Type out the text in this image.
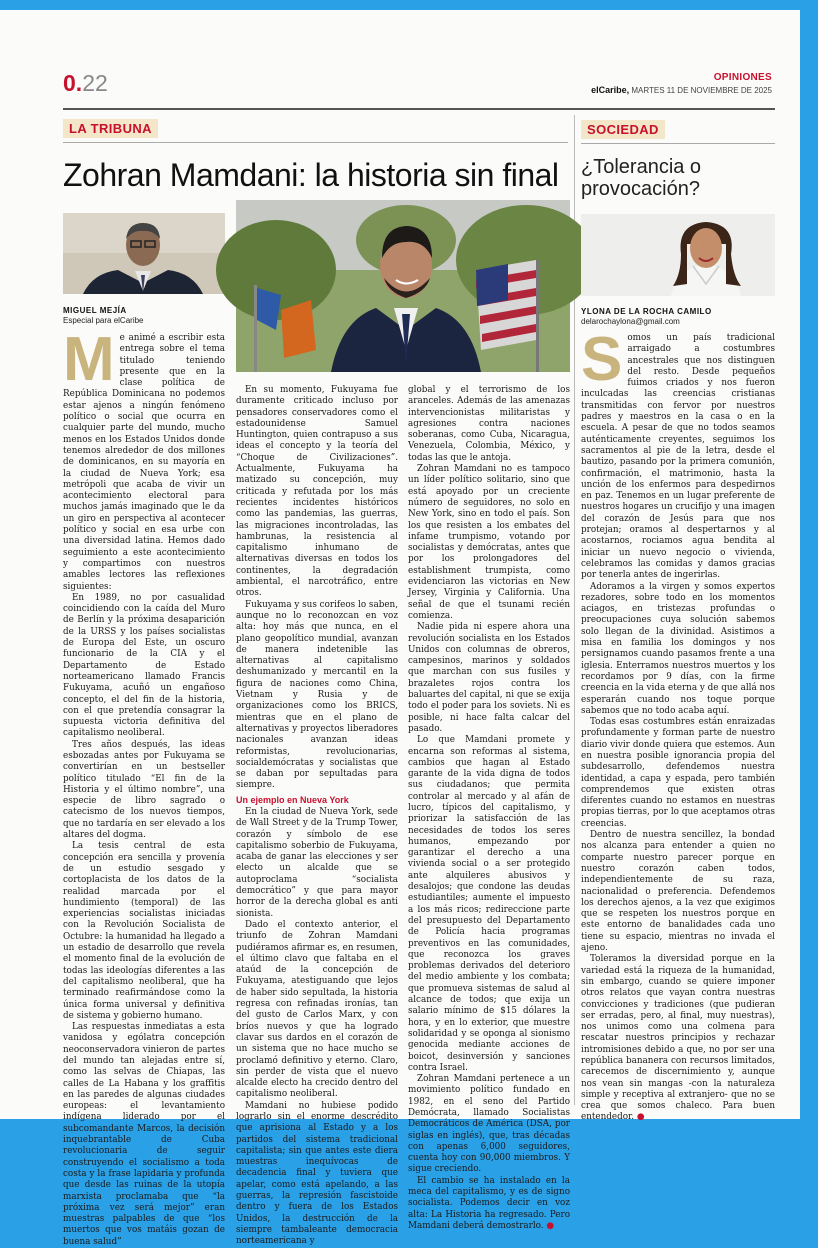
0.22	OPINIONES
elCaribe, MARTES 11 DE NOVIEMBRE DE 2025
LA TRIBUNA
Zohran Mamdani: la historia sin final
SOCIEDAD
¿Tolerancia o provocación?
MIGUEL MEJÍA
Especial para elCaribe
YLONA DE LA ROCHA CAMILO
delarochaylona@gmail.com

Me animé a escribir esta entrega sobre el tema titulado teniendo presente que en la clase política de República Dominicana no podemos estar ajenos a ningún fenómeno político o social que ocurra en cualquier parte del mundo, mucho menos en los Estados Unidos donde tenemos alrededor de dos millones de dominicanos, en su mayoría en la ciudad de Nueva York; esa metrópoli que acaba de vivir un acontecimiento electoral para muchos jamás imaginado que le da un giro en perspectiva al acontecer político y social en esa urbe con una diversidad latina. Hemos dado seguimiento a este acontecimiento y compartimos con nuestros amables lectores las reflexiones siguientes:

En 1989, no por casualidad coincidiendo con la caída del Muro de Berlín y la próxima desaparición de la URSS y los países socialistas de Europa del Este, un oscuro funcionario de la CIA y el Departamento de Estado norteamericano llamado Francis Fukuyama, acuñó un engañoso concepto, el del fin de la historia, con el que pretendía consagrar la supuesta victoria definitiva del capitalismo neoliberal.

Tres años después, las ideas esbozadas antes por Fukuyama se convertirían en un bestseller político titulado “El fin de la Historia y el último nombre”, una especie de libro sagrado o catecismo de los nuevos tiempos, que no tardaría en ser elevado a los altares del dogma.

La tesis central de esta concepción era sencilla y provenía de un estudio sesgado y cortoplacista de los datos de la realidad marcada por el hundimiento (temporal) de las experiencias socialistas iniciadas con la Revolución Socialista de Octubre: la humanidad ha llegado a un estadio de desarrollo que revela el momento final de la evolución de todas las ideologías diferentes a las del capitalismo neoliberal, que ha terminado reafirmándose como la única forma universal y definitiva de sistema y gobierno humano.

Las respuestas inmediatas a esta vanidosa y ególatra concepción neoconservadora vinieron de partes del mundo tan alejadas entre sí, como las selvas de Chiapas, las calles de La Habana y los graffitis en las paredes de algunas ciudades europeas: el levantamiento indígena liderado por el subcomandante Marcos, la decisión inquebrantable de Cuba revolucionaria de seguir construyendo el socialismo a toda costa y la frase lapidaria y profunda que desde las ruinas de la utopía marxista proclamaba que “la próxima vez será mejor” eran muestras palpables de que “los muertos que vos matáis gozan de buena salud”

En su momento, Fukuyama fue duramente criticado incluso por pensadores conservadores como el estadounidense Samuel Huntington, quien contrapuso a sus ideas el concepto y la teoría del “Choque de Civilizaciones”. Actualmente, Fukuyama ha matizado su concepción, muy criticada y refutada por los más recientes incidentes históricos como las pandemias, las guerras, las migraciones incontroladas, las hambrunas, la resistencia al capitalismo inhumano de alternativas diversas en todos los continentes, la degradación ambiental, el narcotráfico, entre otros.

Fukuyama y sus corifeos lo saben, aunque no lo reconozcan en voz alta: hoy más que nunca, en el plano geopolítico mundial, avanzan de manera indetenible las alternativas al capitalismo deshumanizado y mercantil en la figura de naciones como China, Vietnam y Rusia y de organizaciones como los BRICS, mientras que en el plano de alternativas y proyectos liberadores nacionales avanzan ideas reformistas, revolucionarias, socialdemócratas y socialistas que se daban por sepultadas para siempre.

Un ejemplo en Nueva York

En la ciudad de Nueva York, sede de Wall Street y de la Trump Tower, corazón y símbolo de ese capitalismo soberbio de Fukuyama, acaba de ganar las elecciones y ser electo un alcalde que se autoproclama “socialista democrático” y que para mayor horror de la derecha global es anti sionista.

Dado el contexto anterior, el triunfo de Zohran Mamdani pudiéramos afirmar es, en resumen, el último clavo que faltaba en el ataúd de la concepción de Fukuyama, atestiguando que lejos de haber sido sepultada, la historia regresa con refinadas ironías, tan del gusto de Carlos Marx, y con bríos nuevos y que ha logrado clavar sus dardos en el corazón de un sistema que no hace mucho se proclamó definitivo y eterno. Claro, sin perder de vista que el nuevo alcalde electo ha crecido dentro del capitalismo neoliberal.

Mamdani no hubiese podido lograrlo sin el enorme descrédito que aprisiona al Estado y a los partidos del sistema tradicional capitalista; sin que antes este diera muestras inequívocas de decadencia final y tuviera que apelar, como está apelando, a las guerras, la represión fascistoide dentro y fuera de los Estados Unidos, la destrucción de la siempre tambaleante democracia norteamericana y

global y el terrorismo de los aranceles. Además de las amenazas intervencionistas militaristas y agresiones contra naciones soberanas, como Cuba, Nicaragua, Venezuela, Colombia, México, y todas las que le antoja.

Zohran Mamdani no es tampoco un líder político solitario, sino que está apoyado por un creciente número de seguidores, no solo en New York, sino en todo el país. Son los que resisten a los embates del infame trumpismo, votando por socialistas y demócratas, antes que por los prolongadores del establishment trumpista, como evidenciaron las victorias en New Jersey, Virginia y California. Una señal de que el tsunami recién comienza.

Nadie pida ni espere ahora una revolución socialista en los Estados Unidos con columnas de obreros, campesinos, marinos y soldados que marchan con sus fusiles y brazaletes rojos contra los baluartes del capital, ni que se exija todo el poder para los soviets. Ni es posible, ni hace falta calcar del pasado.

Lo que Mamdani promete y encarna son reformas al sistema, cambios que hagan al Estado garante de la vida digna de todos sus ciudadanos; que permita controlar al mercado y al afán de lucro, típicos del capitalismo, y priorizar la satisfacción de las necesidades de todos los seres humanos, empezando por garantizar el derecho a una vivienda social o a ser protegido ante alquileres abusivos y desalojos; que condone las deudas estudiantiles; aumente el impuesto a los más ricos; redireccione parte del presupuesto del Departamento de Policía hacia programas preventivos en las comunidades, que reconozca los graves problemas derivados del deterioro del medio ambiente y los combata; que promueva sistemas de salud al alcance de todos; que exija un salario mínimo de $15 dólares la hora, y en lo exterior, que muestre solidaridad y se oponga al sionismo genocida mediante acciones de boicot, desinversión y sanciones contra Israel.

Zohran Mamdani pertenece a un movimiento político fundado en 1982, en el seno del Partido Demócrata, llamado Socialistas Democráticos de América (DSA, por siglas en inglés), que, tras décadas con apenas 6,000 seguidores, cuenta hoy con 90,000 miembros. Y sigue creciendo.

El cambio se ha instalado en la meca del capitalismo, y es de signo socialista. Podemos decir en voz alta: La Historia ha regresado. Pero Mamdani deberá demostrarlo. ●

Somos un país tradicional arraigado a costumbres ancestrales que nos distinguen del resto. Desde pequeños fuimos criados y nos fueron inculcadas las creencias cristianas transmitidas con fervor por nuestros padres y maestros en la casa o en la escuela. A pesar de que no todos seamos auténticamente creyentes, seguimos los sacramentos al pie de la letra, desde el bautizo, pasando por la primera comunión, confirmación, el matrimonio, hasta la unción de los enfermos para despedirnos en paz. Tenemos en un lugar preferente de nuestros hogares un crucifijo y una imagen del corazón de Jesús para que nos protejan; oramos al despertarnos y al acostarnos, rociamos agua bendita al iniciar un nuevo negocio o vivienda, celebramos las comidas y damos gracias por tenerla antes de ingerirlas.

Adoramos a la virgen y somos expertos rezadores, sobre todo en los momentos aciagos, en tristezas profundas o preocupaciones cuya solución sabemos solo llegan de la divinidad. Asistimos a misa en familia los domingos y nos persignamos cuando pasamos frente a una iglesia. Enterramos nuestros muertos y los recordamos por 9 días, con la firme creencia en la vida eterna y de que allá nos esperarán cuando nos toque porque sabemos que no todo acaba aquí.

Todas esas costumbres están enraizadas profundamente y forman parte de nuestro diario vivir donde quiera que estemos. Aun en nuestra posible ignorancia propia del subdesarrollo, defendemos nuestra identidad, a capa y espada, pero también comprendemos que existen otras diferentes cuando no estamos en nuestras propias tierras, por lo que aceptamos otras creencias.

Dentro de nuestra sencillez, la bondad nos alcanza para entender a quien no comparte nuestro parecer porque en nuestro corazón caben todos, independientemente de su raza, nacionalidad o preferencia. Defendemos los derechos ajenos, a la vez que exigimos que se respeten los nuestros porque en este entorno de banalidades cada uno tiene su espacio, mientras no invada el ajeno.

Toleramos la diversidad porque en la variedad está la riqueza de la humanidad, sin embargo, cuando se quiere imponer otros relatos que vayan contra nuestras convicciones y tradiciones (que pudieran ser erradas, pero, al final, muy nuestras), nos unimos como una colmena para rescatar nuestros principios y rechazar intromisiones debido a que, no por ser una república bananera con recursos limitados, carecemos de discernimiento y, aunque nos vean sin mangas -con la naturaleza simple y receptiva al extranjero- que no se crea que somos chaleco. Para buen entendedor. ●
